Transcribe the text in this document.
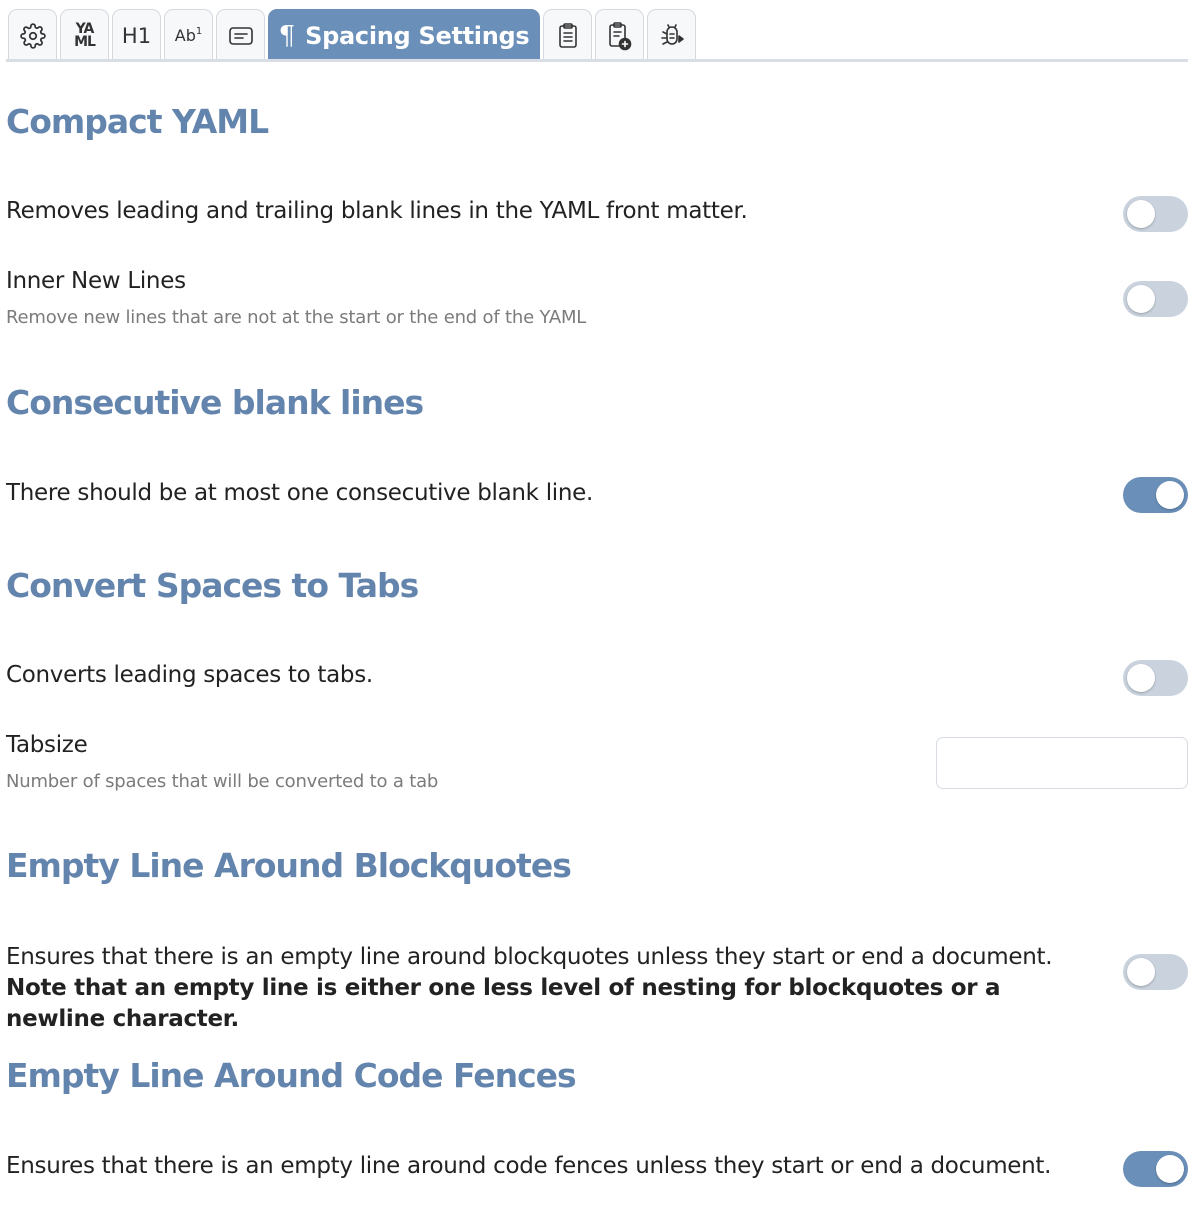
YA
ML H1 Ab$^1$	¶ Spacing Settings
Compact YAML
Removes leading and trailing blank lines in the YAML front matter.
Inner New Lines
Remove new lines that are not at the start or the end of the YAML
Consecutive blank lines
There should be at most one consecutive blank line.
Convert Spaces to Tabs
Converts leading spaces to tabs.
Tabsize
Number of spaces that will be converted to a tab
Empty Line Around Blockquotes
Ensures that there is an empty line around blockquotes unless they start or end a document. Note that an empty line is either one less level of nesting for blockquotes or a newline character.
Empty Line Around Code Fences
Ensures that there is an empty line around code fences unless they start or end a document.
